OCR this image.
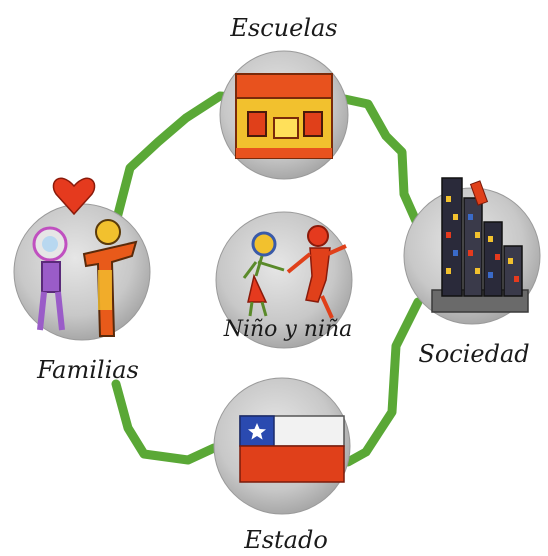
Escuelas
Familias
Niño y niña
Sociedad
Estado
